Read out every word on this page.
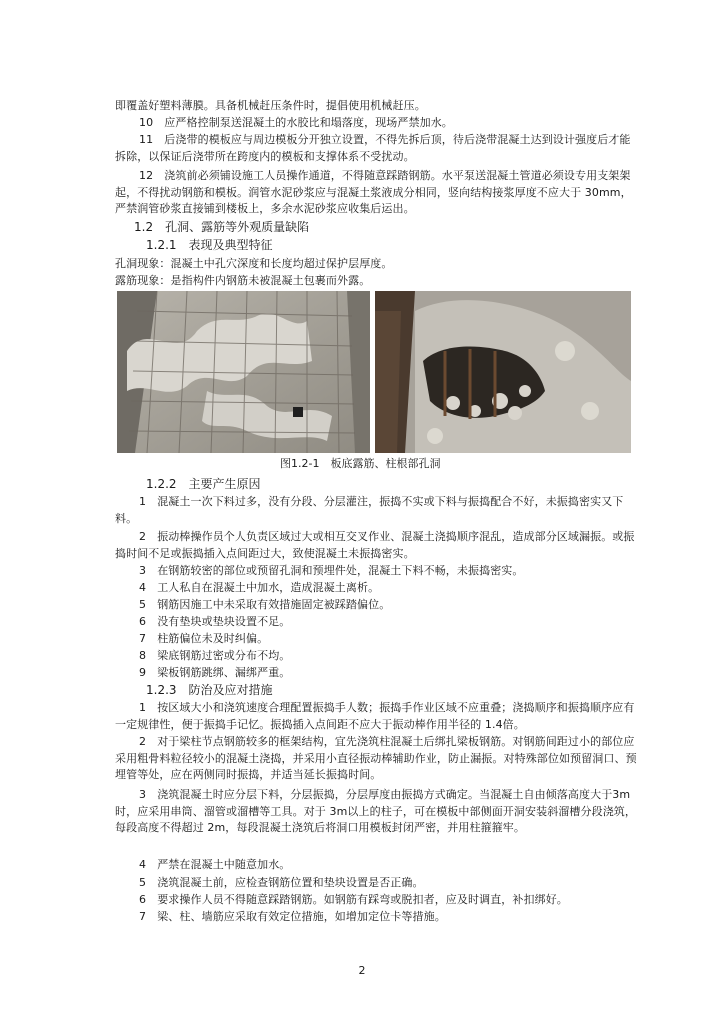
即覆盖好塑料薄膜。具备机械赶压条件时，提倡使用机械赶压。

10　应严格控制泵送混凝土的水胶比和塌落度，现场严禁加水。

11　后浇带的模板应与周边模板分开独立设置，不得先拆后顶，待后浇带混凝土达到设计强度后才能拆除，以保证后浇带所在跨度内的模板和支撑体系不受扰动。

12　浇筑前必须铺设施工人员操作通道，不得随意踩踏钢筋。水平泵送混凝土管道必须设专用支架架起，不得扰动钢筋和模板。润管水泥砂浆应与混凝土浆液成分相同，竖向结构接浆厚度不应大于 30mm，严禁润管砂浆直接铺到楼板上，多余水泥砂浆应收集后运出。

1.2　孔洞、露筋等外观质量缺陷
1.2.1　表现及典型特征

孔洞现象：混凝土中孔穴深度和长度均超过保护层厚度。

露筋现象：是指构件内钢筋未被混凝土包裹而外露。

图1.2-1　板底露筋、柱根部孔洞
1.2.2　主要产生原因

1　混凝土一次下料过多，没有分段、分层灌注，振捣不实或下料与振捣配合不好，未振捣密实又下料。

2　振动棒操作员个人负责区域过大或相互交叉作业、混凝土浇捣顺序混乱，造成部分区域漏振。或振捣时间不足或振捣插入点间距过大，致使混凝土未振捣密实。

3　在钢筋较密的部位或预留孔洞和预埋件处，混凝土下料不畅，未振捣密实。

4　工人私自在混凝土中加水，造成混凝土离析。

5　钢筋因施工中未采取有效措施固定被踩踏偏位。

6　没有垫块或垫块设置不足。

7　柱筋偏位未及时纠偏。

8　梁底钢筋过密或分布不均。

9　梁板钢筋跳绑、漏绑严重。

1.2.3　防治及应对措施

1　按区域大小和浇筑速度合理配置振捣手人数；振捣手作业区域不应重叠；浇捣顺序和振捣顺序应有一定规律性，便于振捣手记忆。振捣插入点间距不应大于振动棒作用半径的 1.4倍。

2　对于梁柱节点钢筋较多的框架结构，宜先浇筑柱混凝土后绑扎梁板钢筋。对钢筋间距过小的部位应采用粗骨料粒径较小的混凝土浇捣，并采用小直径振动棒辅助作业，防止漏振。对特殊部位如预留洞口、预埋管等处，应在两侧同时振捣，并适当延长振捣时间。

3　浇筑混凝土时应分层下料，分层振捣，分层厚度由振捣方式确定。当混凝土自由倾落高度大于3m时，应采用串筒、溜管或溜槽等工具。对于 3m以上的柱子，可在模板中部侧面开洞安装斜溜槽分段浇筑，每段高度不得超过 2m，每段混凝土浇筑后将洞口用模板封闭严密，并用柱箍箍牢。

4　严禁在混凝土中随意加水。

5　浇筑混凝土前，应检查钢筋位置和垫块设置是否正确。

6　要求操作人员不得随意踩踏钢筋。如钢筋有踩弯或脱扣者，应及时调直，补扣绑好。

7　梁、柱、墙筋应采取有效定位措施，如增加定位卡等措施。

2
